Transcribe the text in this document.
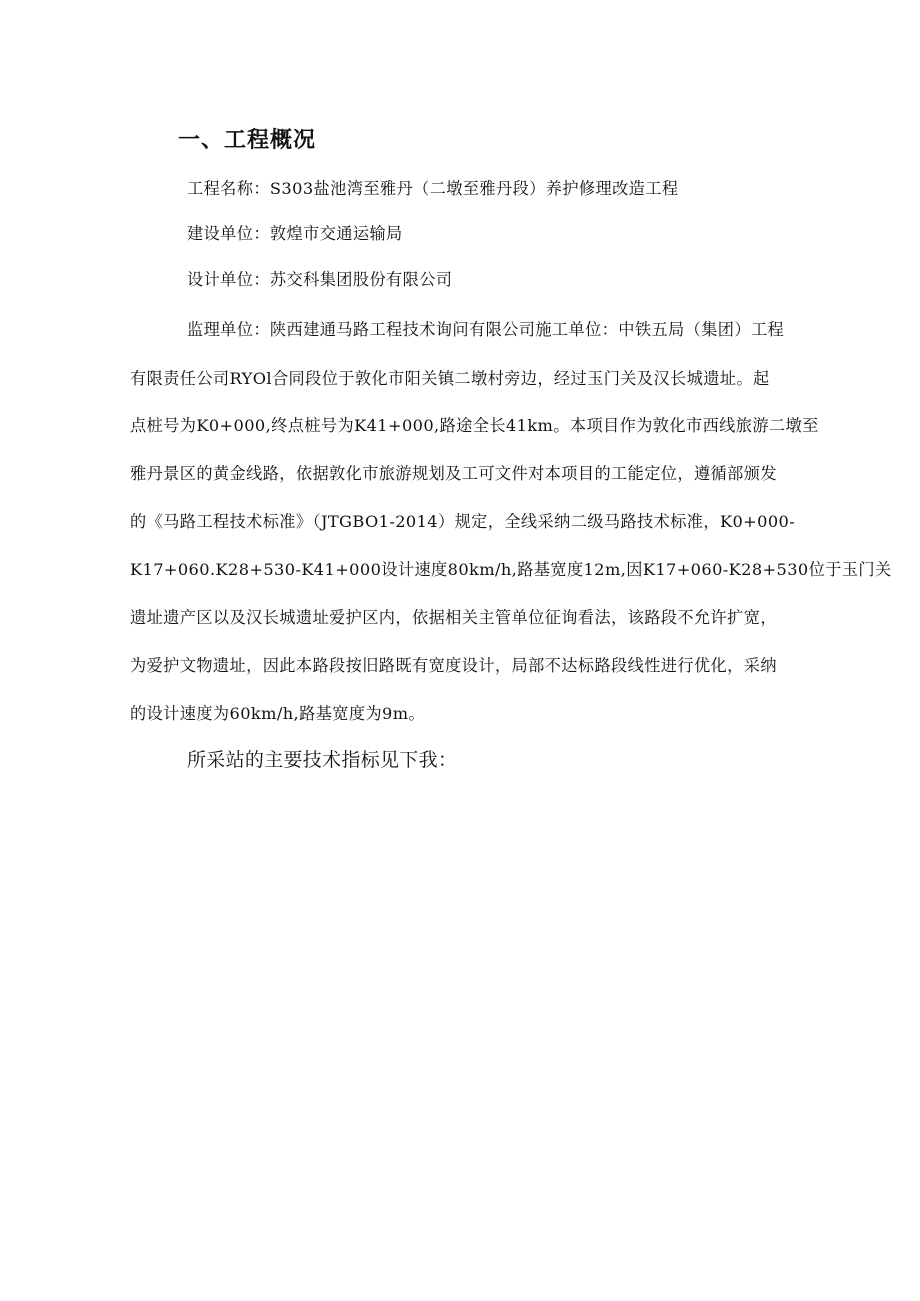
一、工程概况

工程名称：S303盐池湾至雅丹（二墩至雅丹段）养护修理改造工程

建设单位：敦煌市交通运输局

设计单位：苏交科集团股份有限公司

监理单位：陕西建通马路工程技术询问有限公司施工单位：中铁五局（集团）工程

有限责任公司RYOl合同段位于敦化市阳关镇二墩村旁边，经过玉门关及汉长城遗址。起

点桩号为K0+000,终点桩号为K41+000,路途全长41km。本项目作为敦化市西线旅游二墩至

雅丹景区的黄金线路，依据敦化市旅游规划及工可文件对本项目的工能定位，遵循部颁发

的《马路工程技术标准》（JTGBO1-2014）规定，全线采纳二级马路技术标准，K0+000-

K17+060.K28+530-K41+000设计速度80km∕h,路基宽度12m,因K17+060-K28+530位于玉门关

遗址遗产区以及汉长城遗址爱护区内，依据相关主管单位征询看法，该路段不允许扩宽，

为爱护文物遗址，因此本路段按旧路既有宽度设计，局部不达标路段线性进行优化，采纳

的设计速度为60km∕h,路基宽度为9m。

所采站的主要技术指标见下我：
